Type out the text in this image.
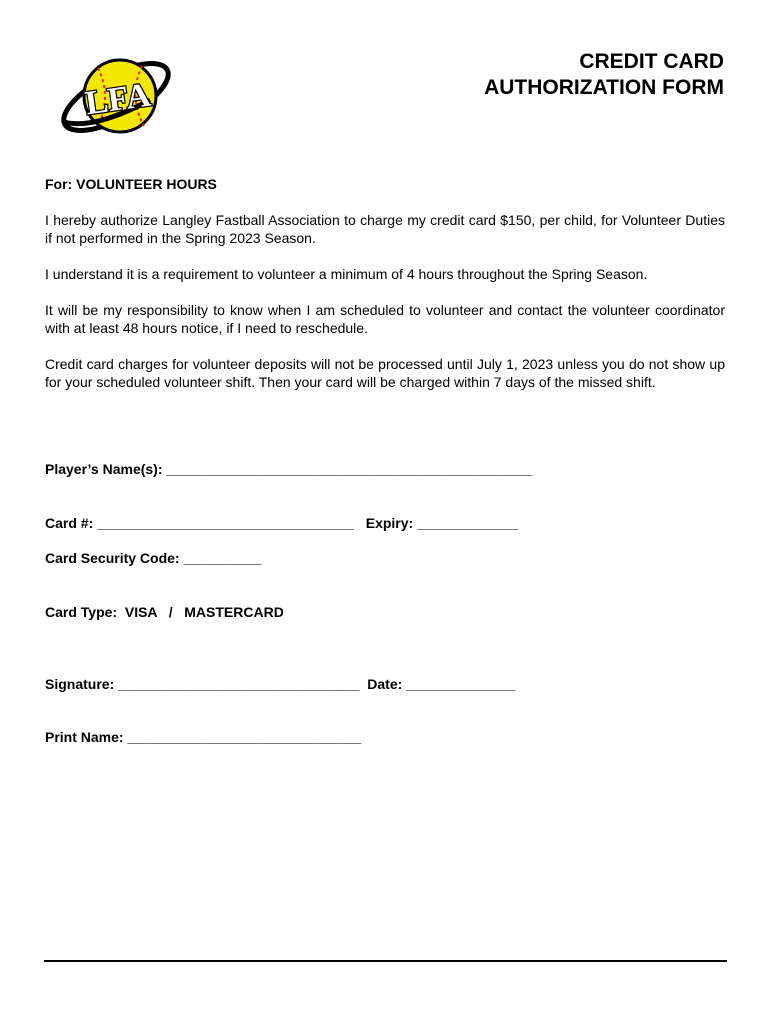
LFA
CREDIT CARD
AUTHORIZATION FORM

For: VOLUNTEER HOURS

I hereby authorize Langley Fastball Association to charge my credit card $150, per child, for Volunteer Duties if not performed in the Spring 2023 Season.

I understand it is a requirement to volunteer a minimum of 4 hours throughout the Spring Season.

It will be my responsibility to know when I am scheduled to volunteer and contact the volunteer coordinator with at least 48 hours notice, if I need to reschedule.

Credit card charges for volunteer deposits will not be processed until July 1, 2023 unless you do not show up for your scheduled volunteer shift. Then your card will be charged within 7 days of the missed shift.

Player’s Name(s): _______________________________________________
Card #: _________________________________   Expiry: _____________
Card Security Code: __________
Card Type:  VISA   /   MASTERCARD
Signature: _______________________________  Date: ______________
Print Name: ______________________________
